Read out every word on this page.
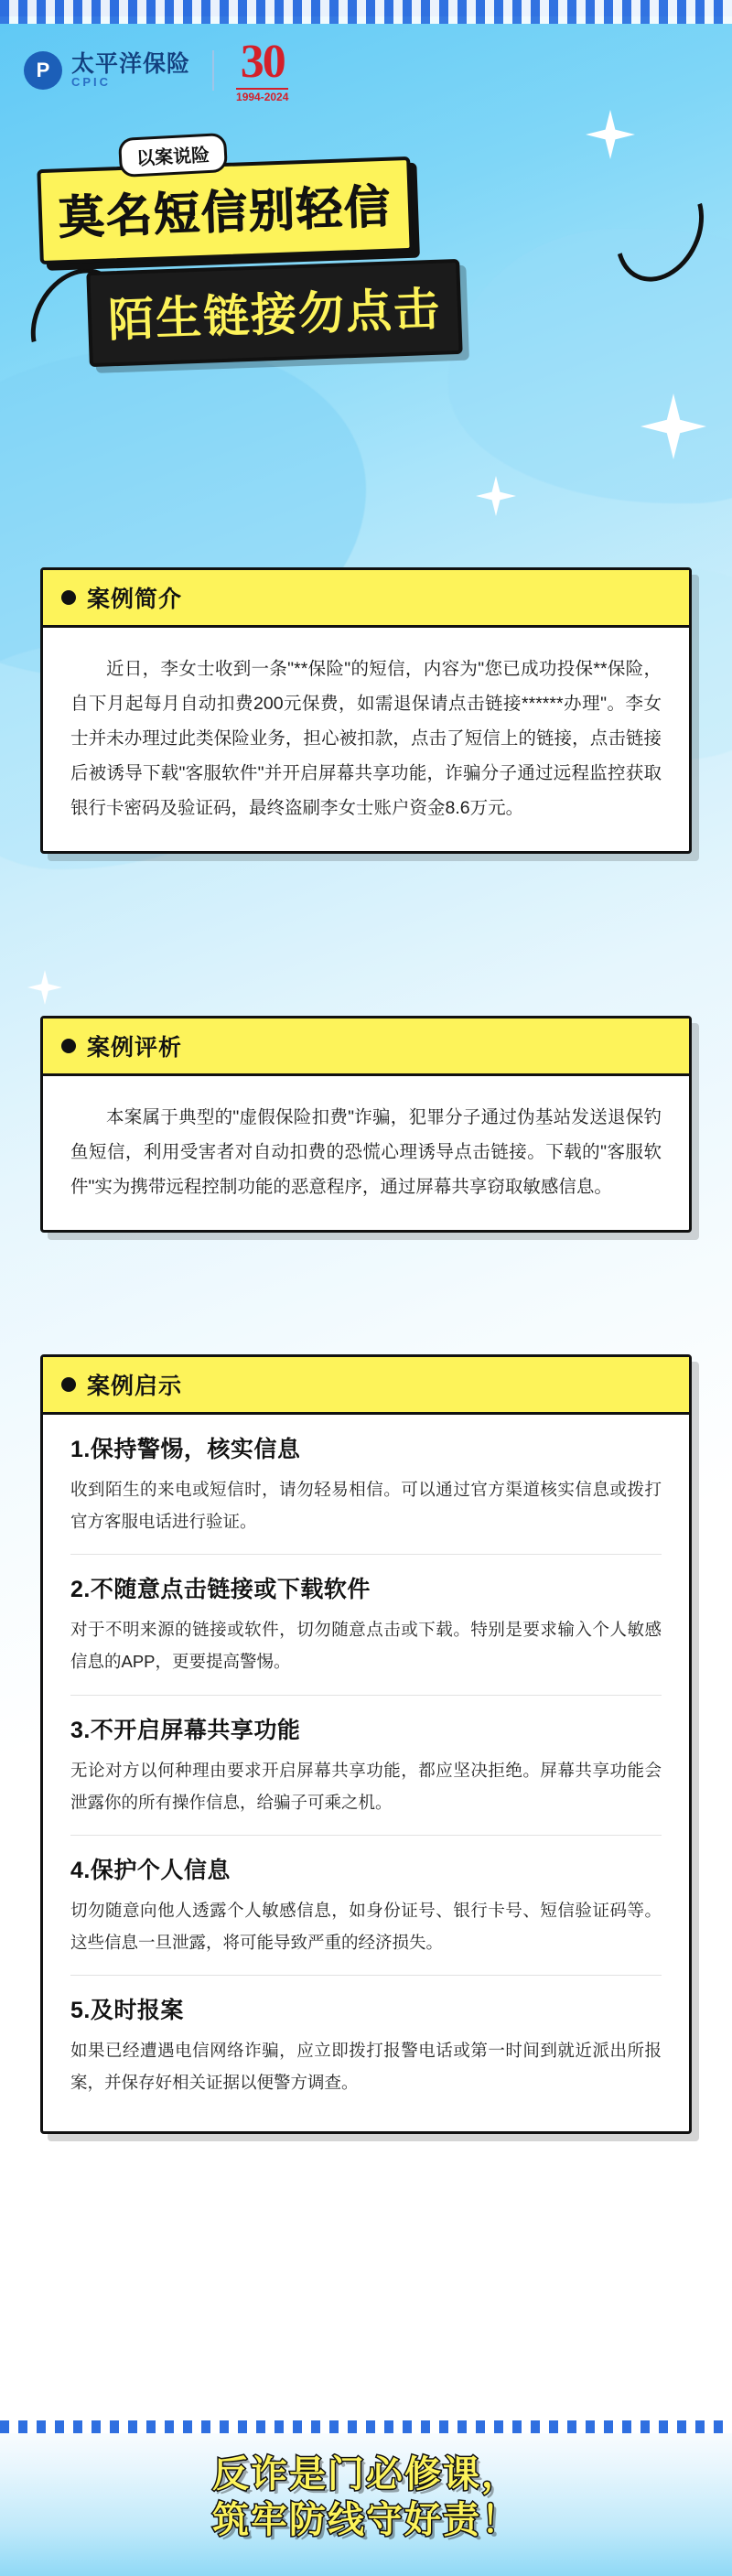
P 太平洋保险
CPIC	30
1994-2024
以案说险
莫名短信别轻信
陌生链接勿点击
案例简介

近日，李女士收到一条"**保险"的短信，内容为"您已成功投保**保险，自下月起每月自动扣费200元保费，如需退保请点击链接******办理"。李女士并未办理过此类保险业务，担心被扣款，点击了短信上的链接，点击链接后被诱导下载"客服软件"并开启屏幕共享功能，诈骗分子通过远程监控获取银行卡密码及验证码，最终盗刷李女士账户资金8.6万元。

案例评析

本案属于典型的"虚假保险扣费"诈骗，犯罪分子通过伪基站发送退保钓鱼短信，利用受害者对自动扣费的恐慌心理诱导点击链接。下载的"客服软件"实为携带远程控制功能的恶意程序，通过屏幕共享窃取敏感信息。

案例启示
1.保持警惕，核实信息
收到陌生的来电或短信时，请勿轻易相信。可以通过官方渠道核实信息或拨打官方客服电话进行验证。
2.不随意点击链接或下载软件
对于不明来源的链接或软件，切勿随意点击或下载。特别是要求输入个人敏感信息的APP，更要提高警惕。
3.不开启屏幕共享功能
无论对方以何种理由要求开启屏幕共享功能，都应坚决拒绝。屏幕共享功能会泄露你的所有操作信息，给骗子可乘之机。
4.保护个人信息
切勿随意向他人透露个人敏感信息，如身份证号、银行卡号、短信验证码等。这些信息一旦泄露，将可能导致严重的经济损失。
5.及时报案
如果已经遭遇电信网络诈骗，应立即拨打报警电话或第一时间到就近派出所报案，并保存好相关证据以便警方调查。
反诈是门必修课，
筑牢防线守好责！
